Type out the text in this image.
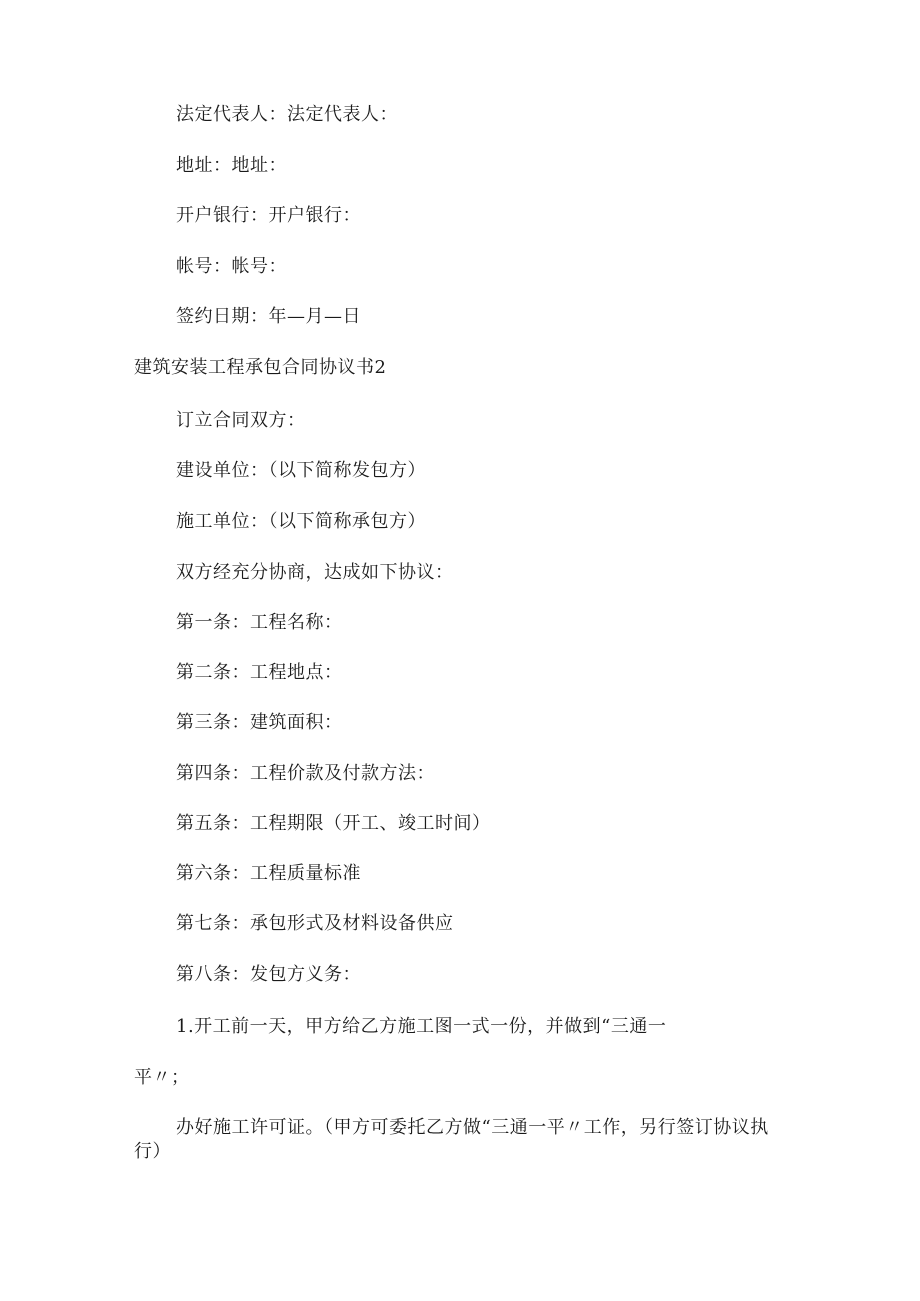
法定代表人：法定代表人：
地址：地址：
开户银行：开户银行：
帐号：帐号：
签约日期：年—月—日
建筑安装工程承包合同协议书2
订立合同双方：
建设单位：（以下简称发包方）
施工单位：（以下简称承包方）
双方经充分协商，达成如下协议：
第一条：工程名称：
第二条：工程地点：
第三条：建筑面积：
第四条：工程价款及付款方法：
第五条：工程期限（开工、竣工时间）
第六条：工程质量标准
第七条：承包形式及材料设备供应
第八条：发包方义务：
1.开工前一天，甲方给乙方施工图一式一份，并做到“三通一
平〃；
办好施工许可证。（甲方可委托乙方做“三通一平〃工作，另行签订协议执行）
